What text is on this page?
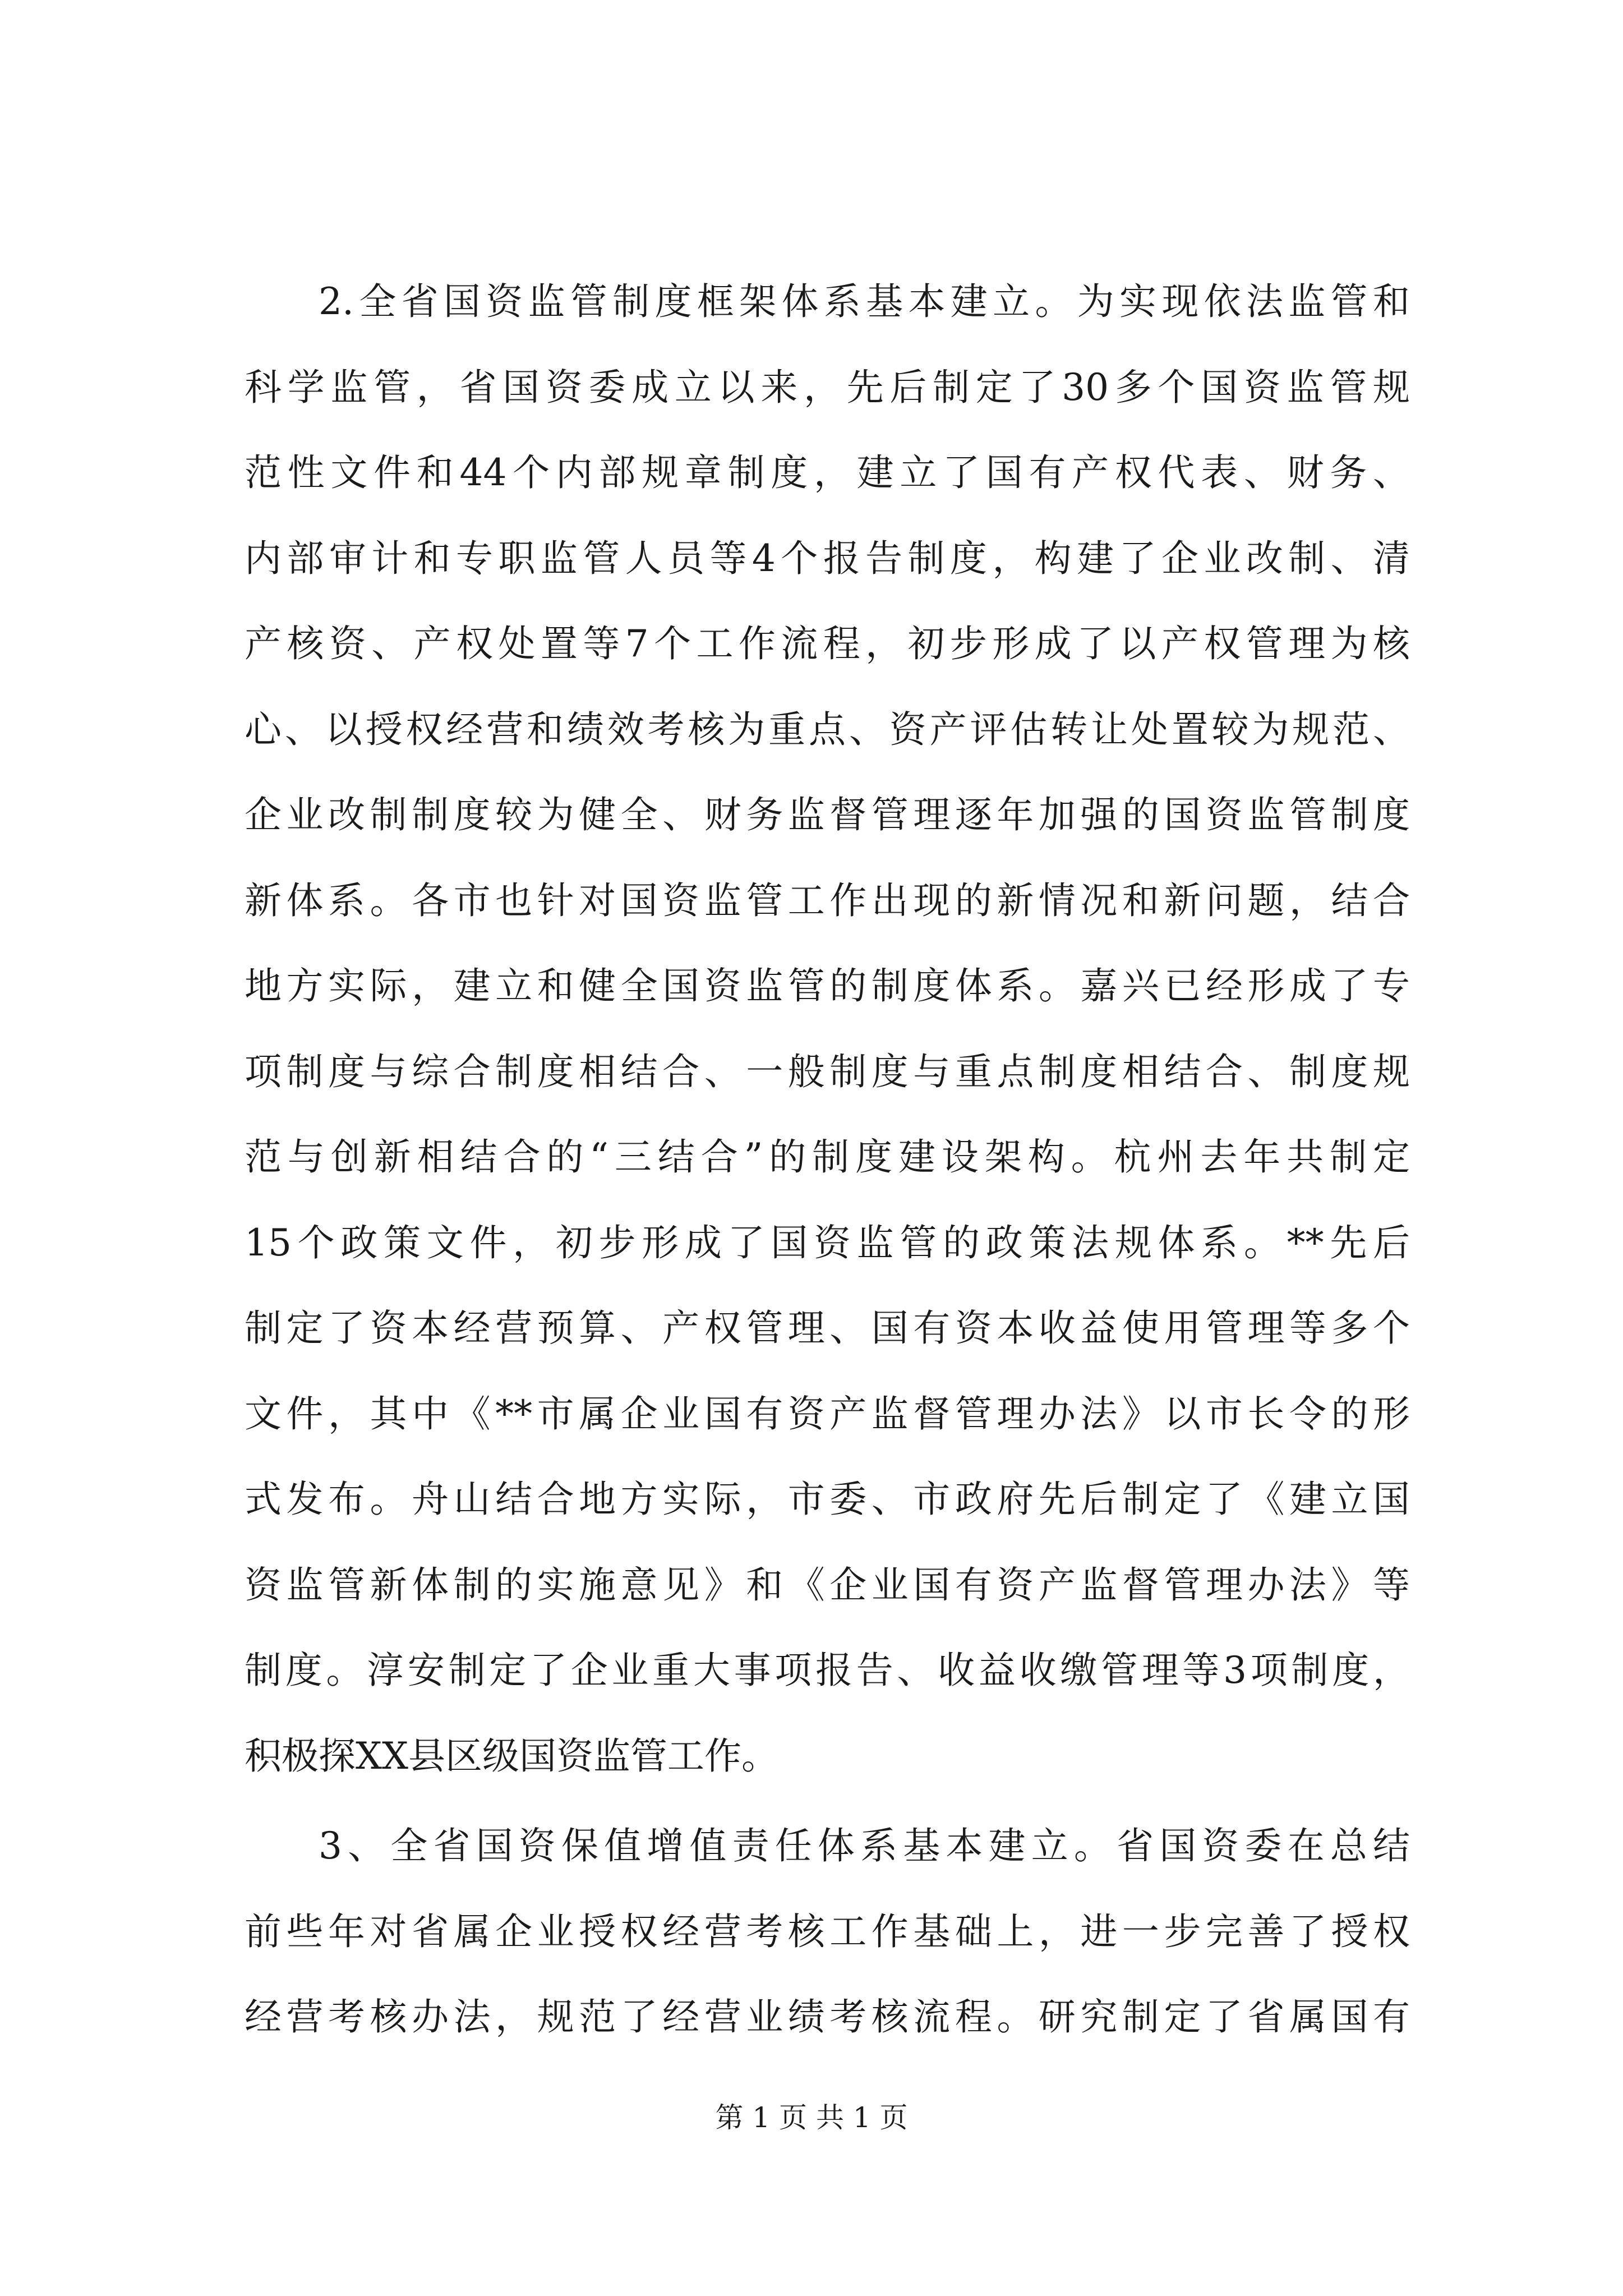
2.全省国资监管制度框架体系基本建立。为实现依法监管和
科学监管，省国资委成立以来，先后制定了30多个国资监管规
范性文件和44个内部规章制度，建立了国有产权代表、财务、
内部审计和专职监管人员等4个报告制度，构建了企业改制、清
产核资、产权处置等7个工作流程，初步形成了以产权管理为核
心、以授权经营和绩效考核为重点、资产评估转让处置较为规范、
企业改制制度较为健全、财务监督管理逐年加强的国资监管制度
新体系。各市也针对国资监管工作出现的新情况和新问题，结合
地方实际，建立和健全国资监管的制度体系。嘉兴已经形成了专
项制度与综合制度相结合、一般制度与重点制度相结合、制度规
范与创新相结合的“三结合”的制度建设架构。杭州去年共制定
15个政策文件，初步形成了国资监管的政策法规体系。**先后
制定了资本经营预算、产权管理、国有资本收益使用管理等多个
文件，其中《**市属企业国有资产监督管理办法》以市长令的形
式发布。舟山结合地方实际，市委、市政府先后制定了《建立国
资监管新体制的实施意见》和《企业国有资产监督管理办法》等
制度。淳安制定了企业重大事项报告、收益收缴管理等3项制度，
积极探XX县区级国资监管工作。
3、全省国资保值增值责任体系基本建立。省国资委在总结
前些年对省属企业授权经营考核工作基础上，进一步完善了授权
经营考核办法，规范了经营业绩考核流程。研究制定了省属国有
第 1 页 共 1 页
